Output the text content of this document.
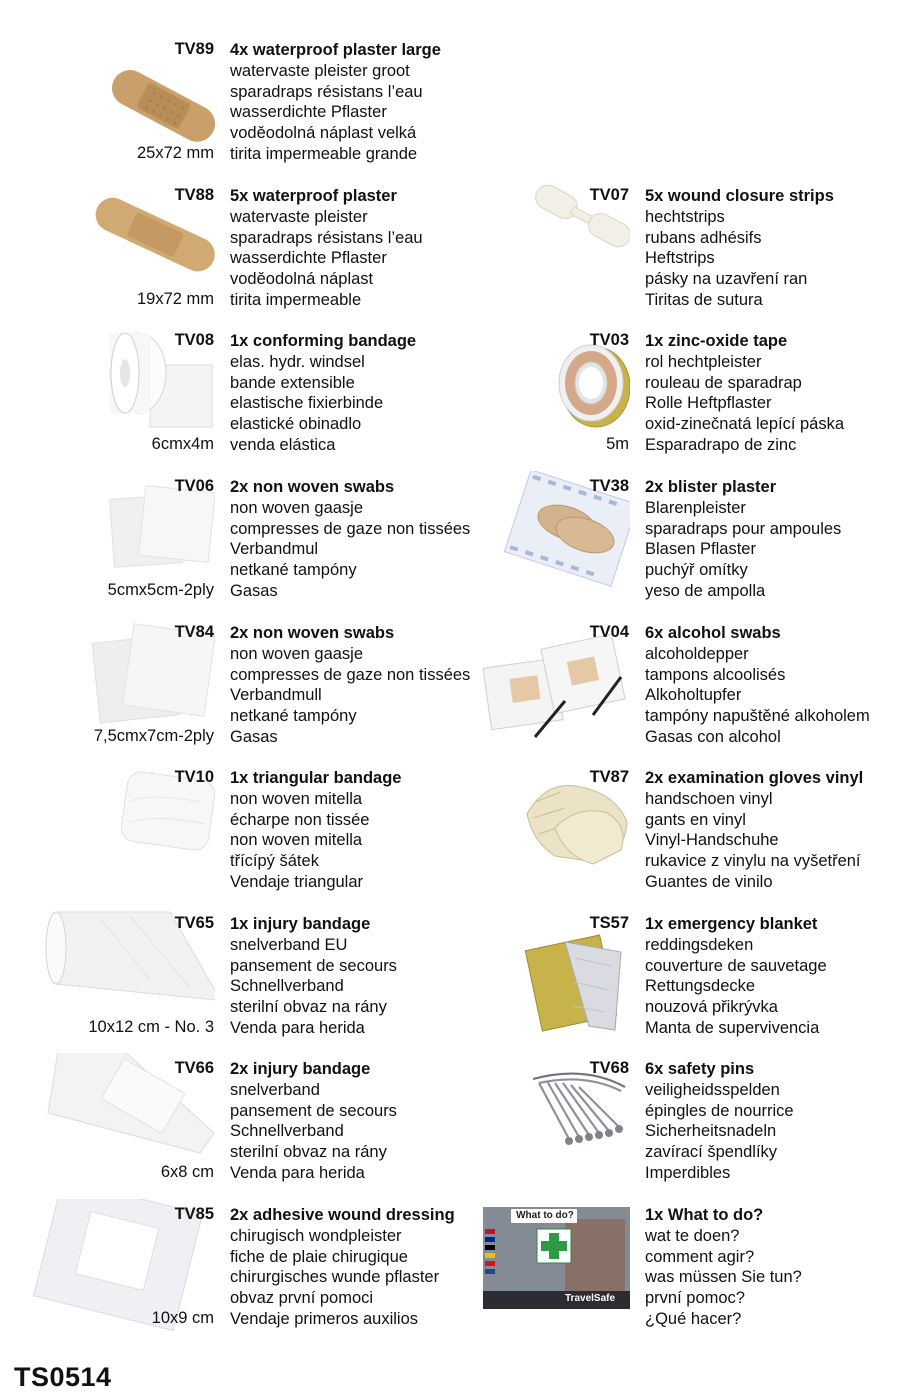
TV89
25x72 mm
4x waterproof plaster large
watervaste pleister groot
sparadraps résistans l’eau
wasserdichte Pflaster
voděodolná náplast velká
tirita impermeable grande
TV88
19x72 mm
5x waterproof plaster
watervaste pleister
sparadraps résistans l’eau
wasserdichte Pflaster
voděodolná náplast
tirita impermeable
TV08
6cmx4m
1x conforming bandage
elas. hydr. windsel
bande extensible
elastische fixierbinde
elastické obinadlo
venda elástica
TV06
5cmx5cm-2ply
2x non woven swabs
non woven gaasje
compresses de gaze non tissées
Verbandmul
netkané tampóny
Gasas
TV84
7,5cmx7cm-2ply
2x non woven swabs
non woven gaasje
compresses de gaze non tissées
Verbandmull
netkané tampóny
Gasas
TV10 1x triangular bandage
non woven mitella
écharpe non tissée
non woven mitella
třícípý šátek
Vendaje triangular
TV65
10x12 cm - No. 3
1x injury bandage
snelverband EU
pansement de secours
Schnellverband
sterilní obvaz na rány
Venda para herida
TV66
6x8 cm
2x injury bandage
snelverband
pansement de secours
Schnellverband
sterilní obvaz na rány
Venda para herida
TV85
10x9 cm
2x adhesive wound dressing
chirugisch wondpleister
fiche de plaie chirugique
chirurgisches wunde pflaster
obvaz první pomoci
Vendaje primeros auxilios
TV07 5x wound closure strips
hechtstrips
rubans adhésifs
Heftstrips
pásky na uzavření ran
Tiritas de sutura
TV03
5m
1x zinc-oxide tape
rol hechtpleister
rouleau de sparadrap
Rolle Heftpflaster
oxid-zinečnatá lepící páska
Esparadrapo de zinc
TV38 2x blister plaster
Blarenpleister
sparadraps pour ampoules
Blasen Pflaster
puchýř omítky
yeso de ampolla
TV04 6x alcohol swabs
alcoholdepper
tampons alcoolisés
Alkoholtupfer
tampóny napuštěné alkoholem
Gasas con alcohol
TV87 2x examination gloves vinyl
handschoen vinyl
gants en vinyl
Vinyl-Handschuhe
rukavice z vinylu na vyšetření
Guantes de vinilo
TS57 1x emergency blanket
reddingsdeken
couverture de sauvetage
Rettungsdecke
nouzová přikrývka
Manta de supervivencia
TV68 6x safety pins
veiligheidsspelden
épingles de nourrice
Sicherheitsnadeln
zavírací špendlíky
Imperdibles
What to do?
TravelSafe
1x What to do?
wat te doen?
comment agir?
was müssen Sie tun?
první pomoc?
¿Qué hacer?
TS0514
